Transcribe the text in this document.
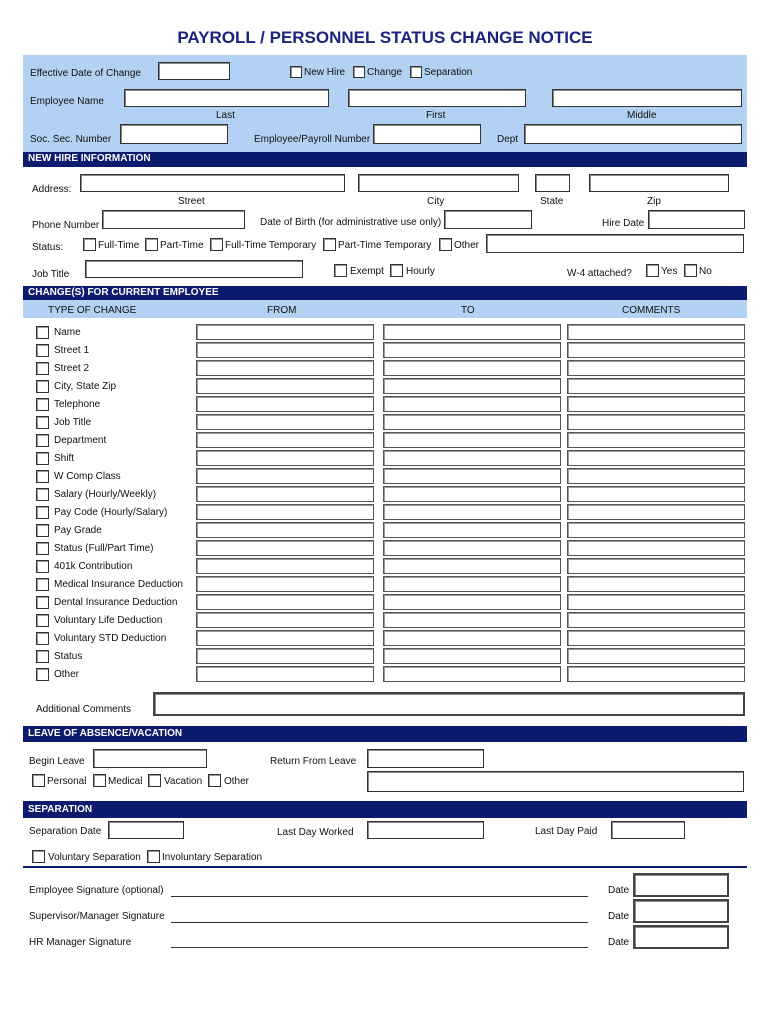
PAYROLL / PERSONNEL STATUS CHANGE NOTICE
Effective Date of Change	New Hire Change Separation
Employee Name
Last	First	Middle
Soc. Sec. Number	Employee/Payroll Number	Dept
NEW HIRE INFORMATION
Address:
Street	City	State	Zip
Phone Number	Date of Birth (for administrative use only)	Hire Date
Status:	Full-Time Part-Time Full-Time Temporary Part-Time Temporary Other
Job Title	Exempt Hourly	W-4 attached?	Yes No
CHANGE(S) FOR CURRENT EMPLOYEE
TYPE OF CHANGE	FROM	TO	COMMENTS
Name
Street 1
Street 2
City, State Zip
Telephone
Job Title
Department
Shift
W Comp Class
Salary (Hourly/Weekly)
Pay Code (Hourly/Salary)
Pay Grade
Status (Full/Part Time)
401k Contribution
Medical Insurance Deduction
Dental Insurance Deduction
Voluntary Life Deduction
Voluntary STD Deduction
Status
Other
Additional Comments
LEAVE OF ABSENCE/VACATION
Begin Leave	Return From Leave
Personal Medical Vacation Other
SEPARATION
Separation Date	Last Day Worked	Last Day Paid
Voluntary Separation Involuntary Separation
Employee Signature (optional)	Date
Supervisor/Manager Signature	Date
HR Manager Signature	Date
